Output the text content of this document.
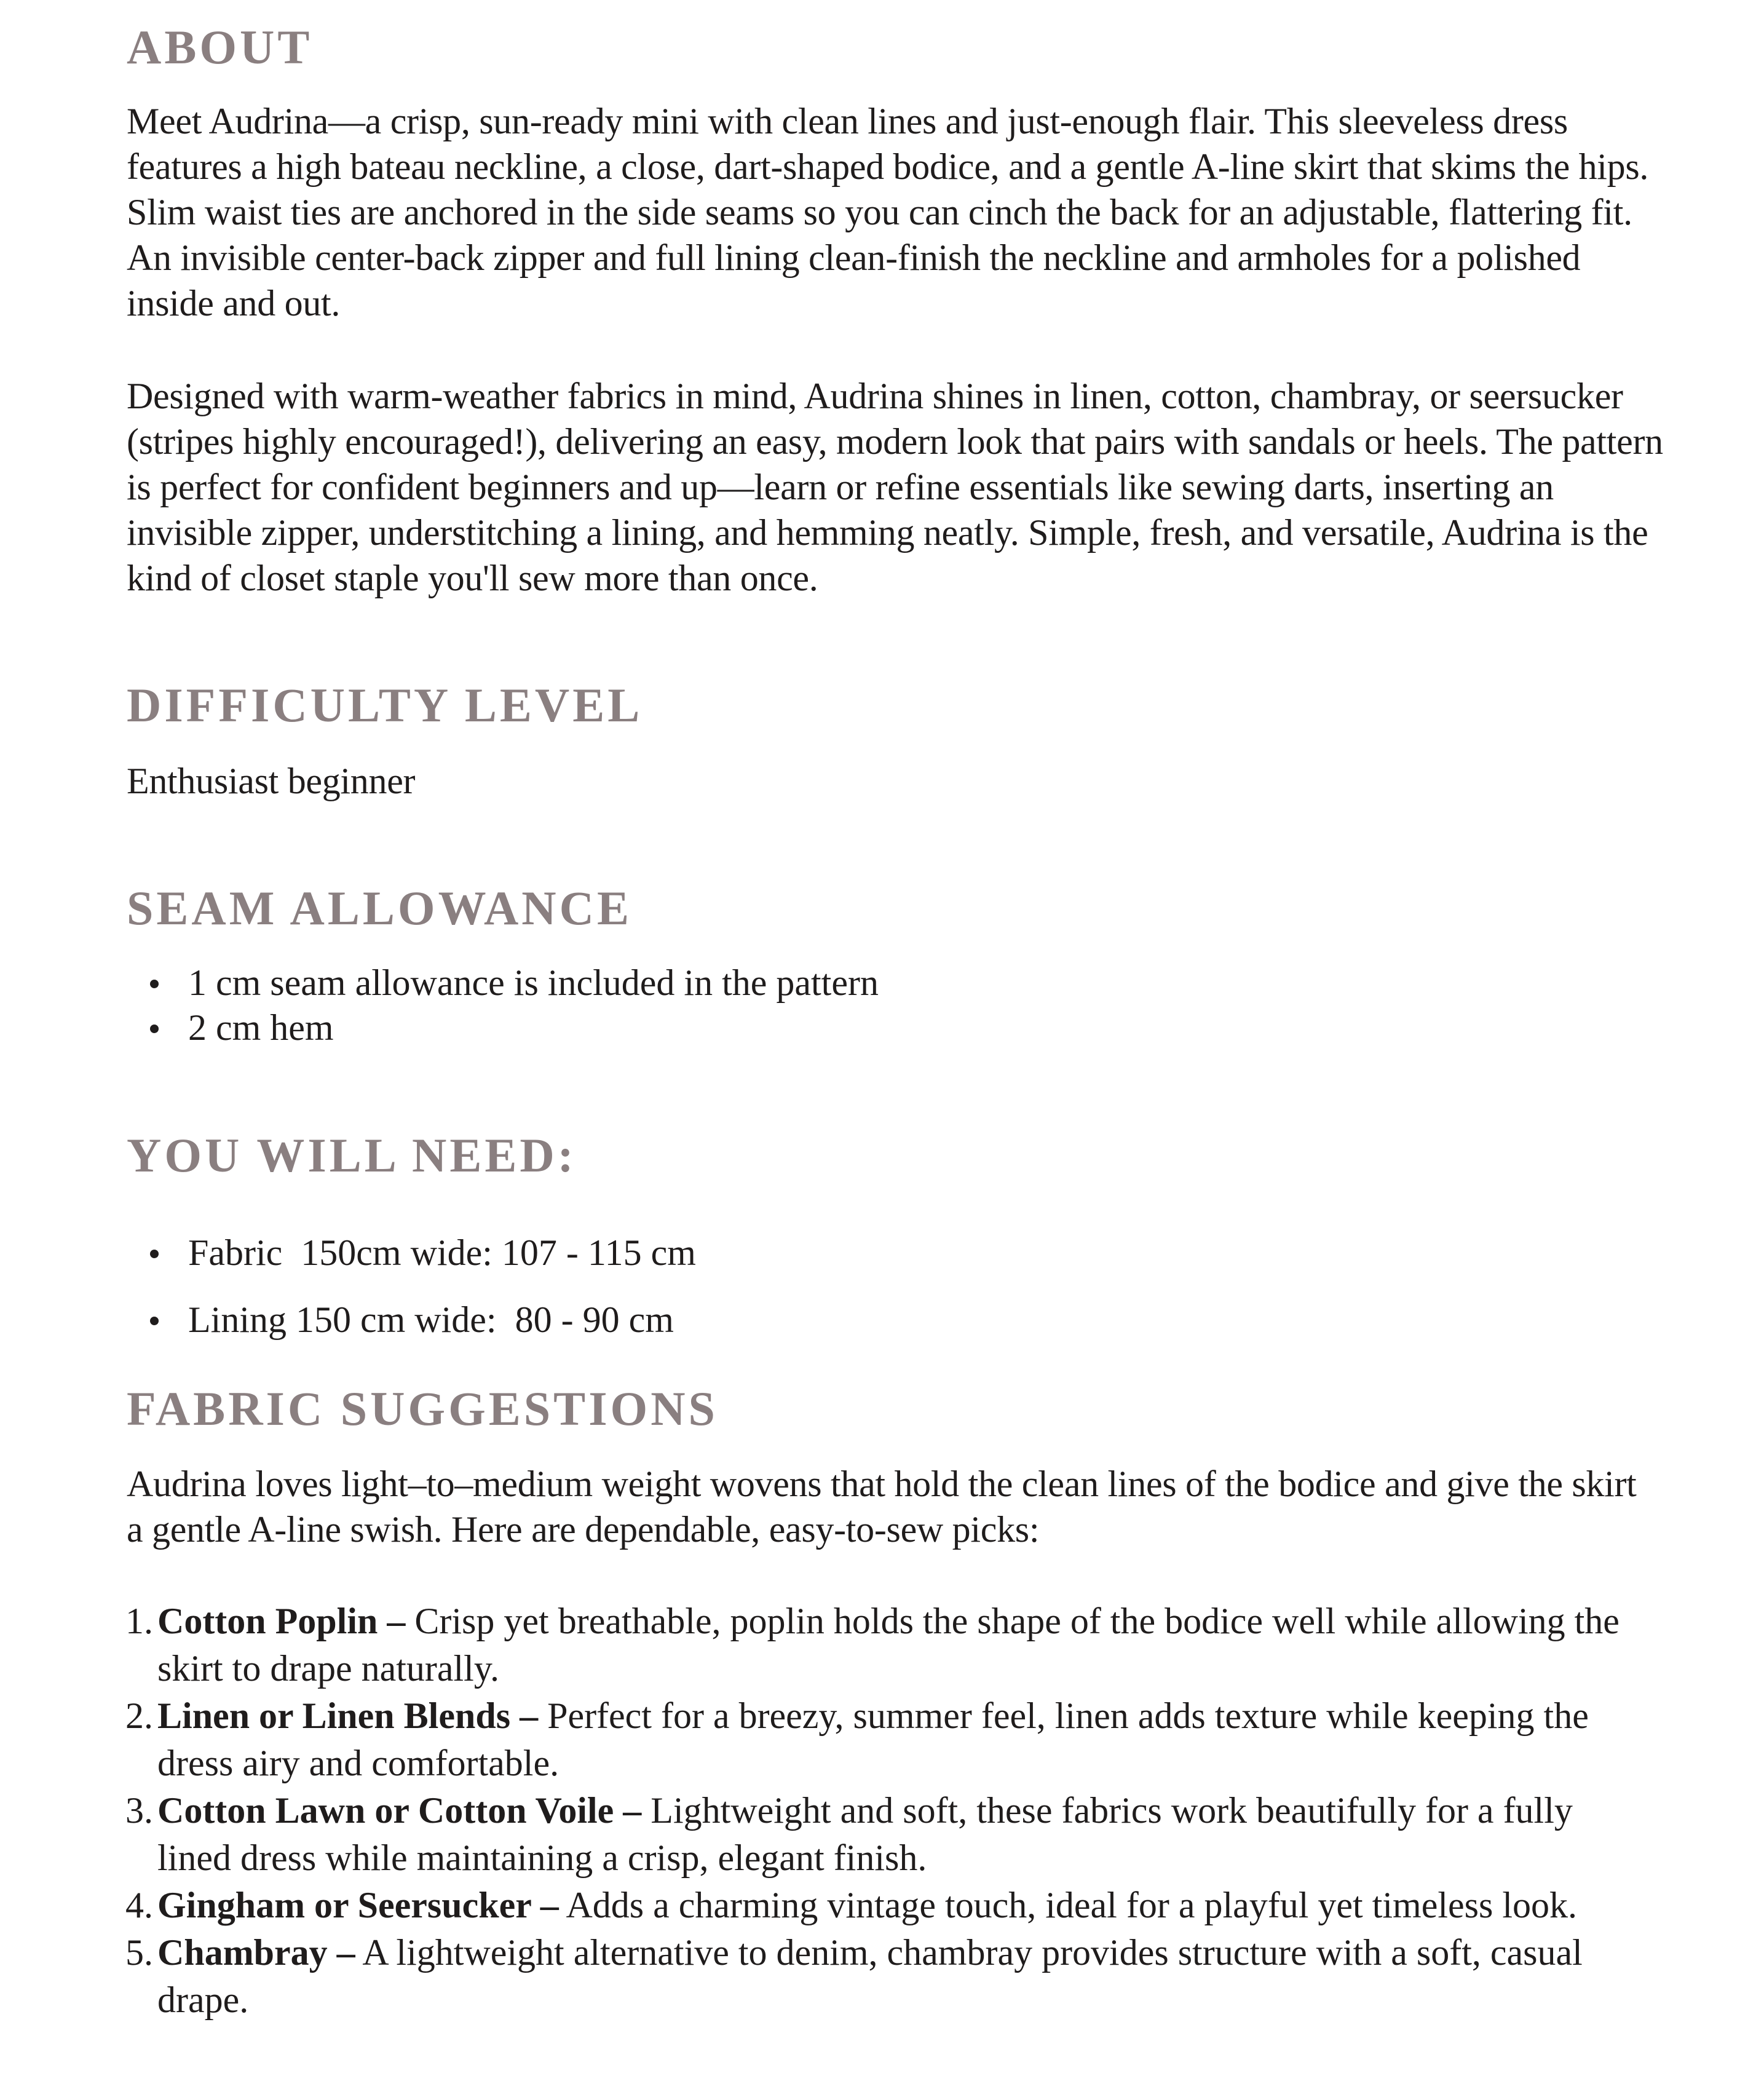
ABOUT

Meet Audrina—a crisp, sun-ready mini with clean lines and just-enough flair. This sleeveless dress features a high bateau neckline, a close, dart-shaped bodice, and a gentle A-line skirt that skims the hips. Slim waist ties are anchored in the side seams so you can cinch the back for an adjustable, flattering fit. An invisible center-back zipper and full lining clean-finish the neckline and armholes for a polished inside and out.

Designed with warm-weather fabrics in mind, Audrina shines in linen, cotton, chambray, or seersucker (stripes highly encouraged!), delivering an easy, modern look that pairs with sandals or heels. The pattern is perfect for confident beginners and up—learn or refine essentials like sewing darts, inserting an invisible zipper, understitching a lining, and hemming neatly. Simple, fresh, and versatile, Audrina is the kind of closet staple you'll sew more than once.

DIFFICULTY LEVEL

Enthusiast beginner

SEAM ALLOWANCE
1 cm seam allowance is included in the pattern
2 cm hem
YOU WILL NEED:

Fabric  150cm wide: 107 - 115 cm

Lining 150 cm wide:  80 - 90 cm

FABRIC SUGGESTIONS

Audrina loves light–to–medium weight wovens that hold the clean lines of the bodice and give the skirt a gentle A-line swish. Here are dependable, easy-to-sew picks:

1. Cotton Poplin – Crisp yet breathable, poplin holds the shape of the bodice well while allowing the skirt to drape naturally.
2. Linen or Linen Blends – Perfect for a breezy, summer feel, linen adds texture while keeping the dress airy and comfortable.
3. Cotton Lawn or Cotton Voile – Lightweight and soft, these fabrics work beautifully for a fully lined dress while maintaining a crisp, elegant finish.
4. Gingham or Seersucker – Adds a charming vintage touch, ideal for a playful yet timeless look.
5. Chambray – A lightweight alternative to denim, chambray provides structure with a soft, casual drape.
